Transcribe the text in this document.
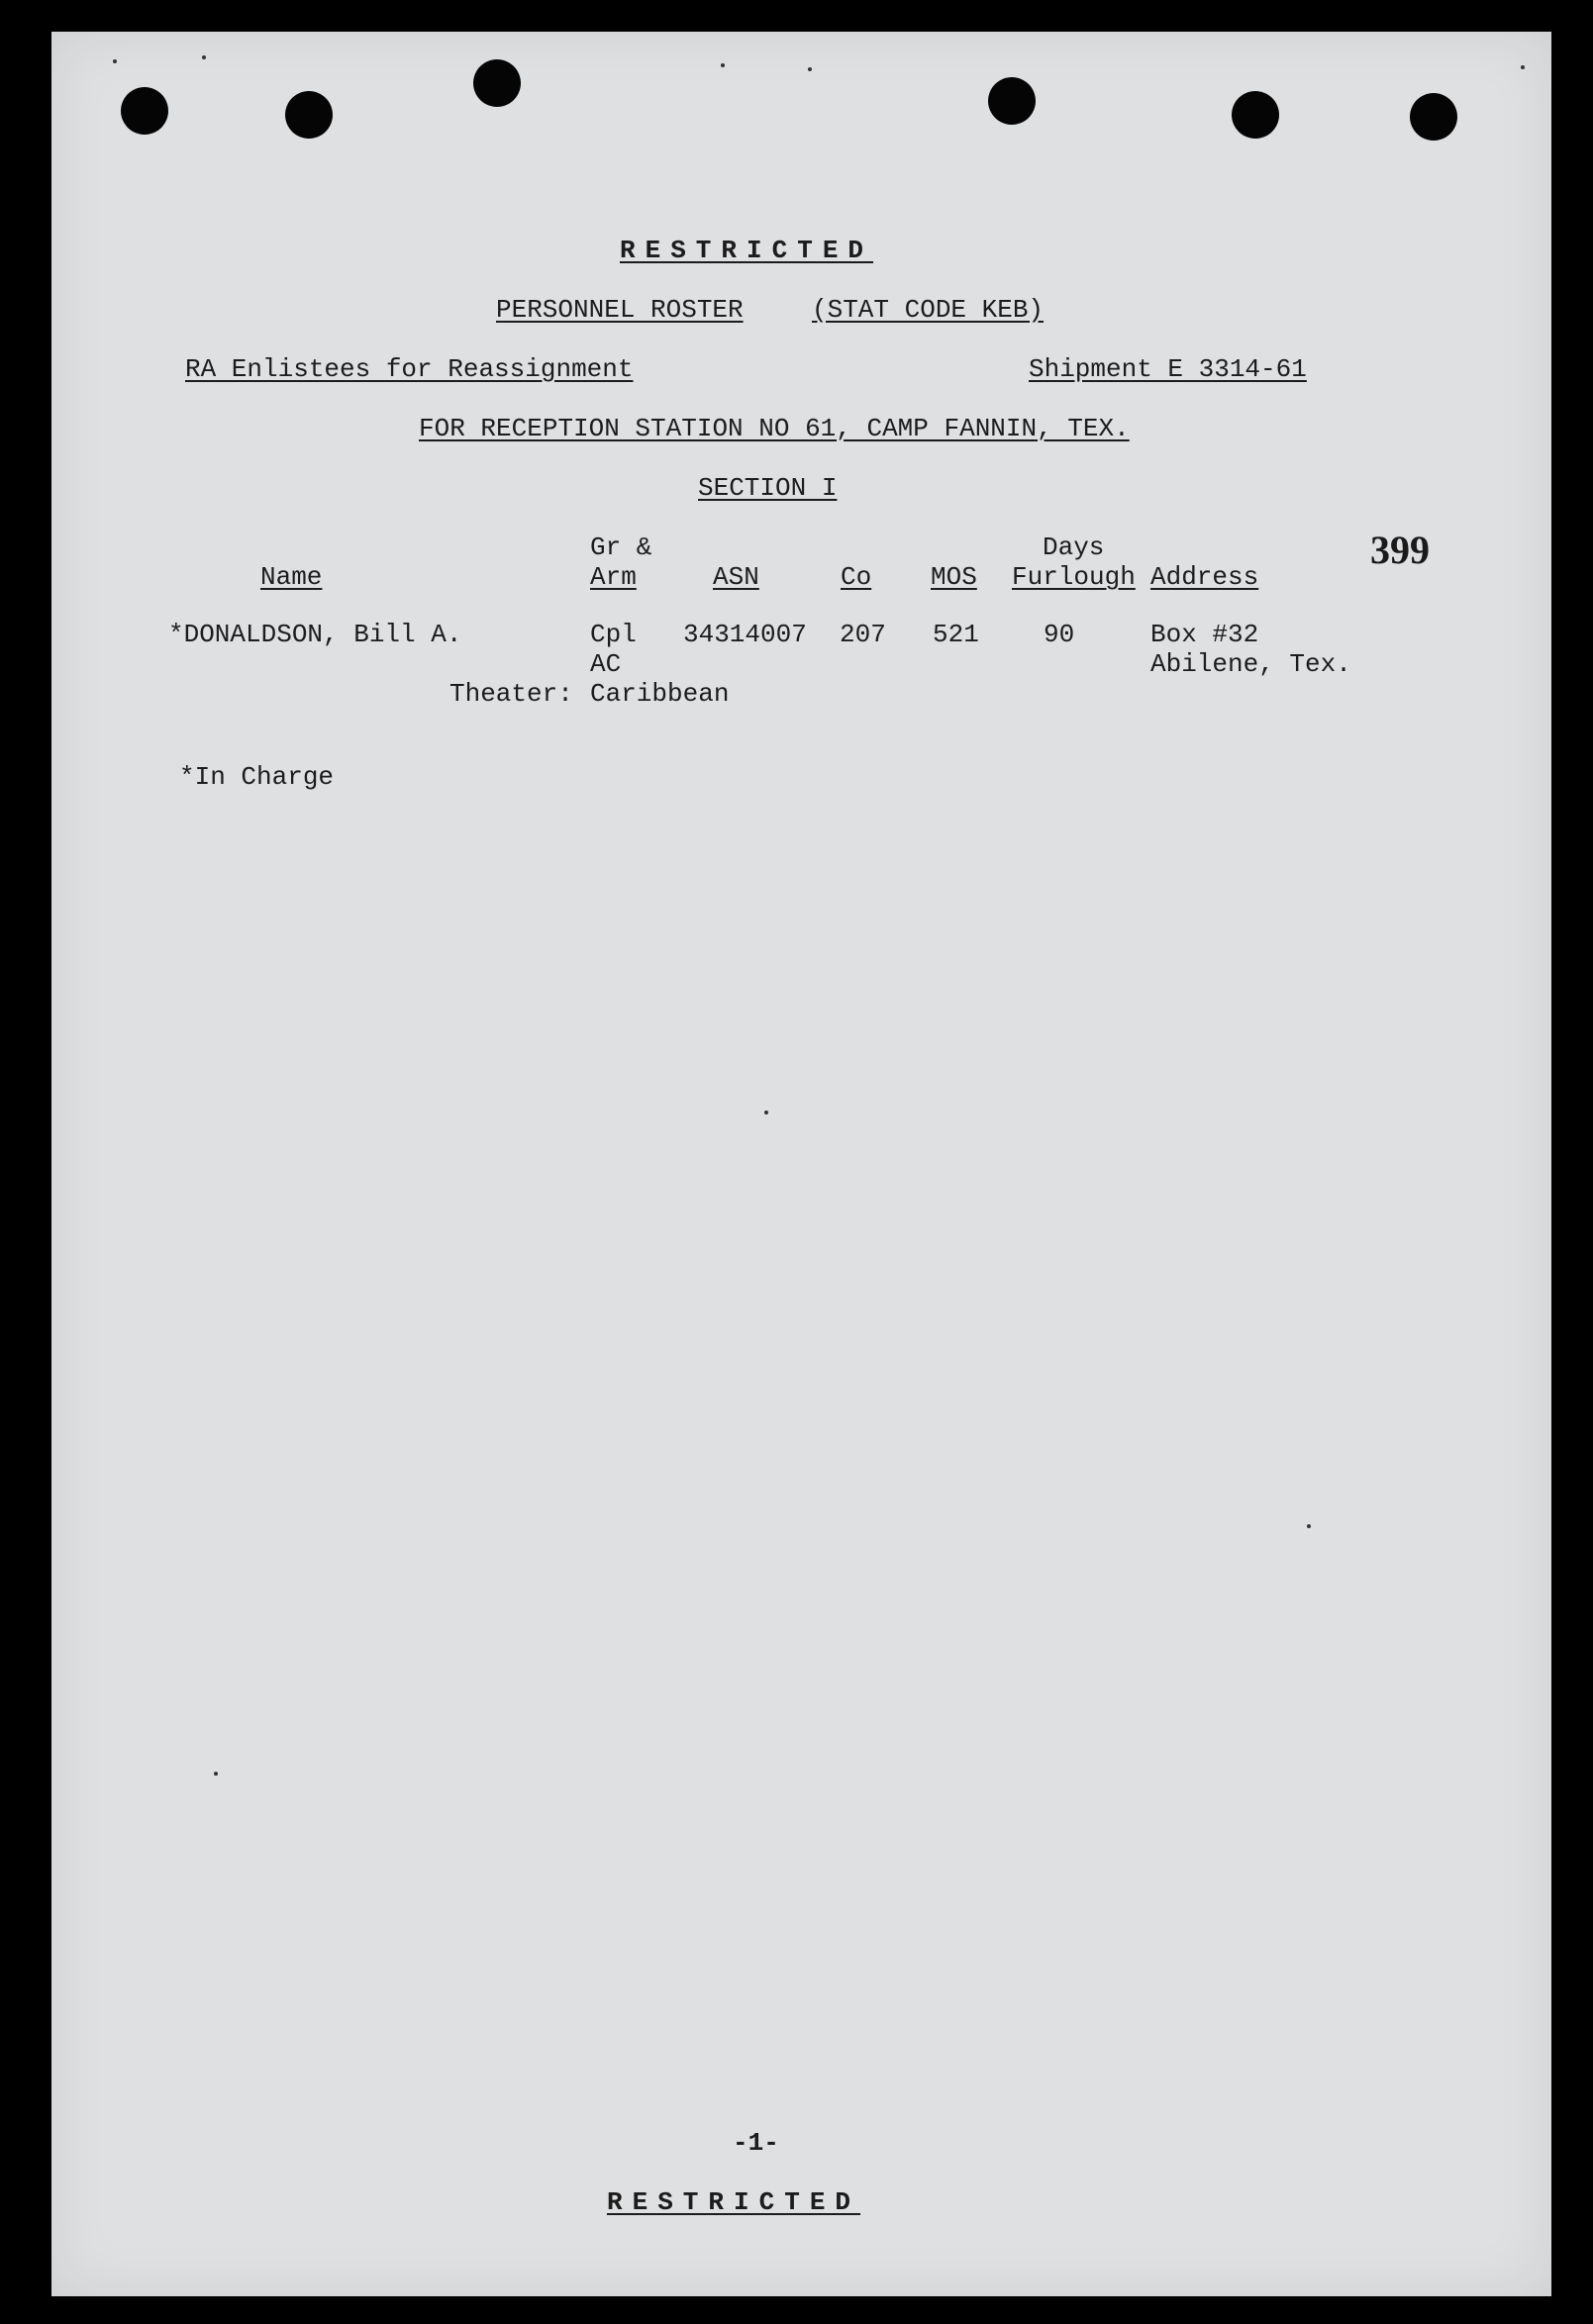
RESTRICTED
PERSONNEL ROSTER	(STAT CODE KEB)
RA Enlistees for Reassignment	Shipment E 3314-61
FOR RECEPTION STATION NO 61, CAMP FANNIN, TEX.
SECTION I
399
Gr &	Days
Name	Arm	ASN	Co MOS Furlough Address
*DONALDSON, Bill A.	Cpl 34314007 207 521	90	Box #32
AC	Abilene, Tex.
Theater: Caribbean
*In Charge
-1-
RESTRICTED
